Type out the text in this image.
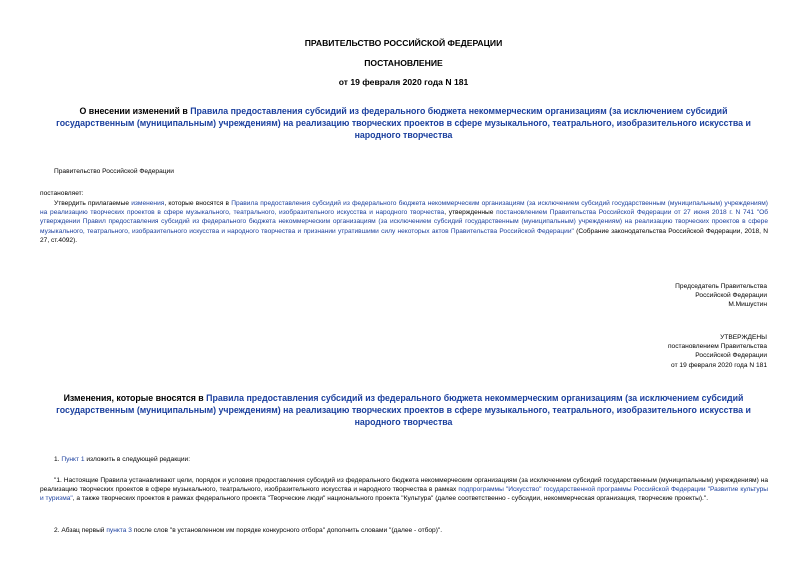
ПРАВИТЕЛЬСТВО РОССИЙСКОЙ ФЕДЕРАЦИИ
ПОСТАНОВЛЕНИЕ
от 19 февраля 2020 года N 181
О внесении изменений в Правила предоставления субсидий из федерального бюджета некоммерческим организациям (за исключением субсидий государственным (муниципальным) учреждениям) на реализацию творческих проектов в сфере музыкального, театрального, изобразительного искусства и народного творчества
Правительство Российской Федерации
постановляет:
Утвердить прилагаемые изменения, которые вносятся в Правила предоставления субсидий из федерального бюджета некоммерческим организациям (за исключением субсидий государственным (муниципальным) учреждениям) на реализацию творческих проектов в сфере музыкального, театрального, изобразительного искусства и народного творчества, утвержденные постановлением Правительства Российской Федерации от 27 июня 2018 г. N 741 "Об утверждении Правил предоставления субсидий из федерального бюджета некоммерческим организациям (за исключением субсидий государственным (муниципальным) учреждениям) на реализацию творческих проектов в сфере музыкального, театрального, изобразительного искусства и народного творчества и признании утратившими силу некоторых актов Правительства Российской Федерации" (Собрание законодательства Российской Федерации, 2018, N 27, ст.4092).
Председатель Правительства
Российской Федерации
М.Мишустин
УТВЕРЖДЕНЫ
постановлением Правительства
Российской Федерации
от 19 февраля 2020 года N 181
Изменения, которые вносятся в Правила предоставления субсидий из федерального бюджета некоммерческим организациям (за исключением субсидий государственным (муниципальным) учреждениям) на реализацию творческих проектов в сфере музыкального, театрального, изобразительного искусства и народного творчества
1. Пункт 1 изложить в следующей редакции:
"1. Настоящие Правила устанавливают цели, порядок и условия предоставления субсидий из федерального бюджета некоммерческим организациям (за исключением субсидий государственным (муниципальным) учреждениям) на реализацию творческих проектов в сфере музыкального, театрального, изобразительного искусства и народного творчества в рамках подпрограммы "Искусство" государственной программы Российской Федерации "Развитие культуры и туризма", а также творческих проектов в рамках федерального проекта "Творческие люди" национального проекта "Культура" (далее соответственно - субсидии, некоммерческая организация, творческие проекты).".
2. Абзац первый пункта 3 после слов "в установленном им порядке конкурсного отбора" дополнить словами "(далее - отбор)".
